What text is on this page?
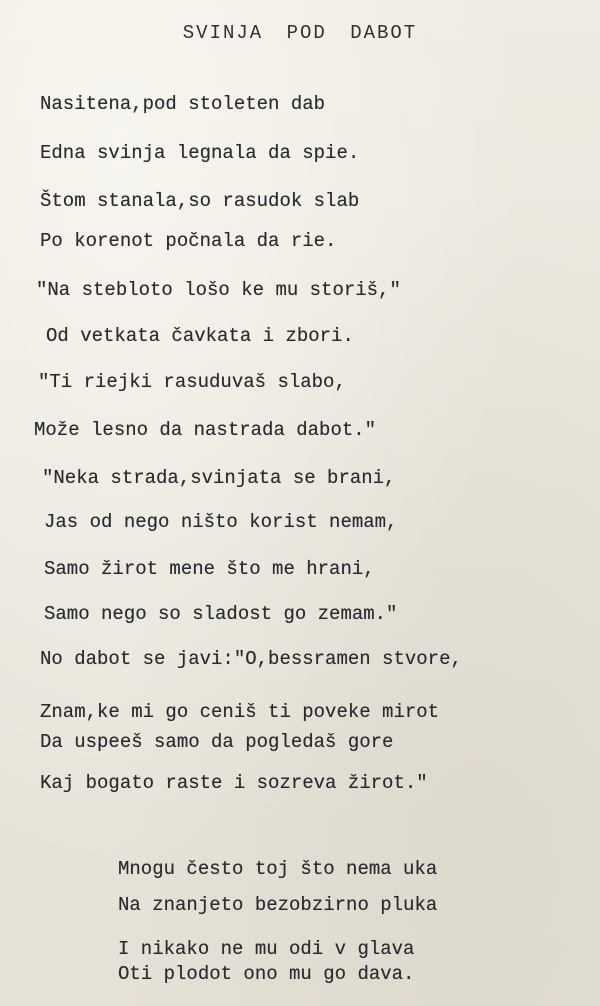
SVINJA POD DABOT
Nasitena,pod stoleten dab
Edna svinja legnala da spie.
Štom stanala,so rasudok slab
Po korenot počnala da rie.
"Na stebloto lošo ke mu storiš,"
Od vetkata čavkata i zbori.
"Ti riejki rasuduvaš slabo,
Može lesno da nastrada dabot."
"Neka strada,svinjata se brani,
Jas od nego ništo korist nemam,
Samo žirot mene što me hrani,
Samo nego so sladost go zemam."
No dabot se javi:"O,bessramen stvore,
Znam,ke mi go ceniš ti poveke mirot
Da uspeeš samo da pogledaš gore
Kaj bogato raste i sozreva žirot."
Mnogu često toj što nema uka
Na znanjeto bezobzirno pluka
I nikako ne mu odi v glava
Oti plodot ono mu go dava.
